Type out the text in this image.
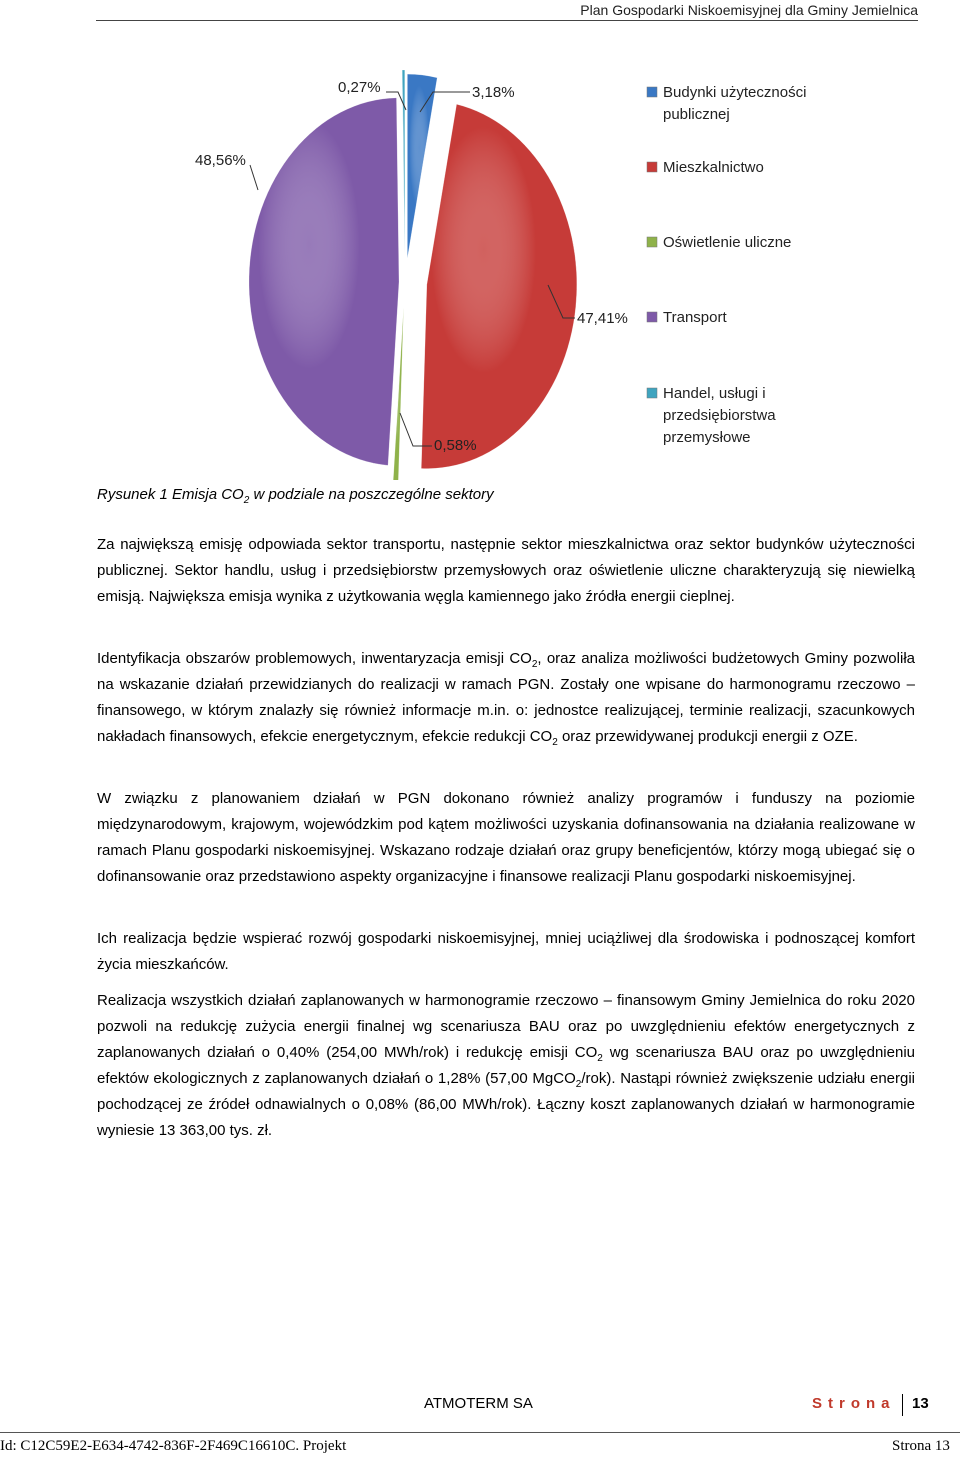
Plan Gospodarki Niskoemisyjnej dla Gminy Jemielnica
3,18%
47,41%
0,58%
48,56%
0,27%	Budynki użyteczności publicznej
Mieszkalnictwo
Oświetlenie uliczne
Transport
Handel, usługi i przedsiębiorstwa przemysłowe
Rysunek 1 Emisja $CO_2$ w podziale na poszczególne sektory

Za największą emisję odpowiada sektor transportu, następnie sektor mieszkalnictwa oraz sektor budynków użyteczności publicznej. Sektor handlu, usług i przedsiębiorstw przemysłowych oraz oświetlenie uliczne charakteryzują się niewielką emisją. Największa emisja wynika z użytkowania węgla kamiennego jako źródła energii cieplnej.

Identyfikacja obszarów problemowych, inwentaryzacja emisji $CO_2$, oraz analiza możliwości budżetowych Gminy pozwoliła na wskazanie działań przewidzianych do realizacji w ramach PGN. Zostały one wpisane do harmonogramu rzeczowo – finansowego, w którym znalazły się również informacje m.in. o: jednostce realizującej, terminie realizacji, szacunkowych nakładach finansowych, efekcie energetycznym, efekcie redukcji $CO_2$ oraz przewidywanej produkcji energii z OZE.

W związku z planowaniem działań w PGN dokonano również analizy programów i funduszy na poziomie międzynarodowym, krajowym, wojewódzkim pod kątem możliwości uzyskania dofinansowania na działania realizowane w ramach Planu gospodarki niskoemisyjnej. Wskazano rodzaje działań oraz grupy beneficjentów, którzy mogą ubiegać się o dofinansowanie oraz przedstawiono aspekty organizacyjne i finansowe realizacji Planu gospodarki niskoemisyjnej.

Ich realizacja będzie wspierać rozwój gospodarki niskoemisyjnej, mniej uciążliwej dla środowiska i podnoszącej komfort życia mieszkańców.

Realizacja wszystkich działań zaplanowanych w harmonogramie rzeczowo – finansowym Gminy Jemielnica do roku 2020 pozwoli na redukcję zużycia energii finalnej wg scenariusza BAU oraz po uwzględnieniu efektów energetycznych z zaplanowanych działań o 0,40% (254,00 MWh/rok) i redukcję emisji $CO_2$ wg scenariusza BAU oraz po uwzględnieniu efektów ekologicznych z zaplanowanych działań o 1,28% (57,00 MgCO$_2$/rok). Nastąpi również zwiększenie udziału energii pochodzącej ze źródeł odnawialnych o 0,08% (86,00 MWh/rok). Łączny koszt zaplanowanych działań w harmonogramie wyniesie 13 363,00 tys. zł.

ATMOTERM SA	Strona 13
Id: C12C59E2-E634-4742-836F-2F469C16610C. Projekt	Strona 13
